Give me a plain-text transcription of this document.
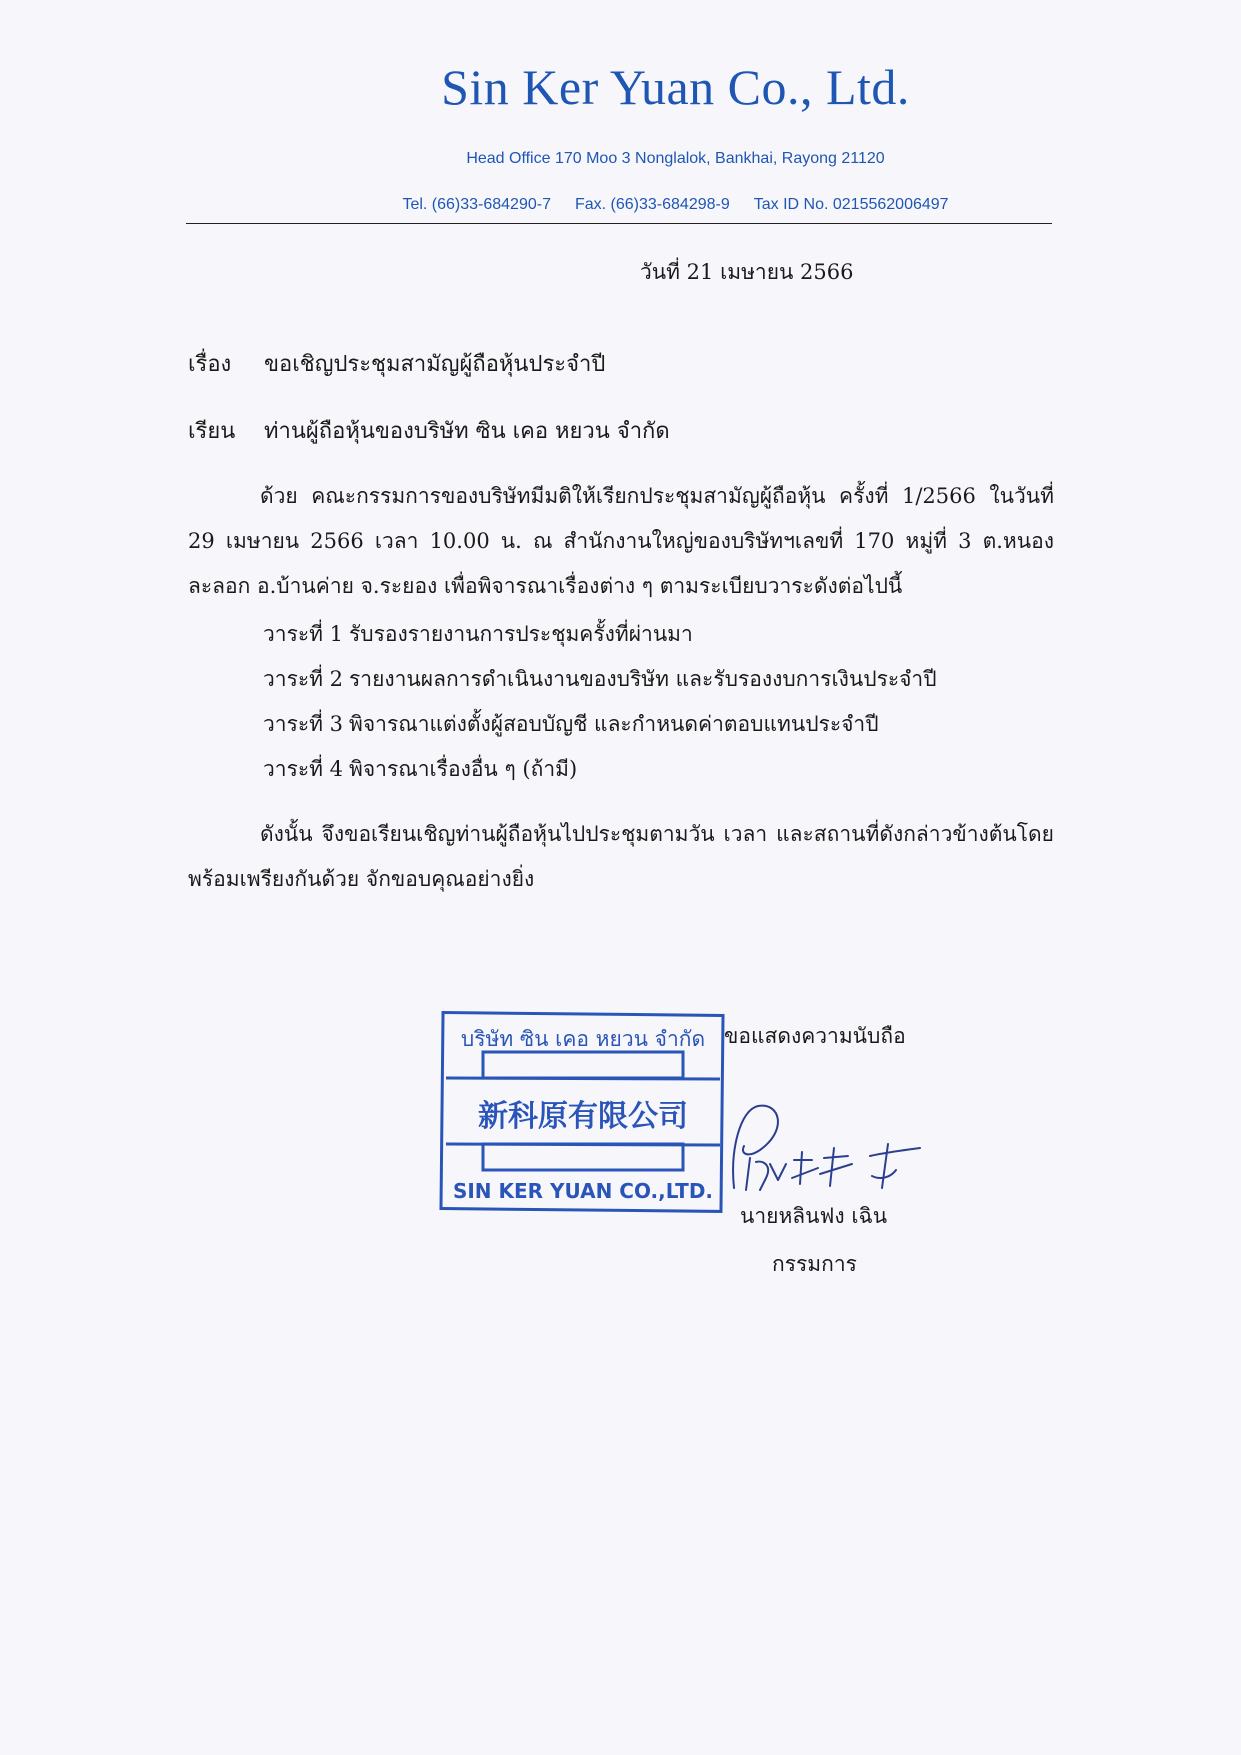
Sin Ker Yuan Co., Ltd.
Head Office 170 Moo 3 Nonglalok, Bankhai, Rayong 21120
Tel. (66)33-684290-7 Fax. (66)33-684298-9 Tax ID No. 0215562006497
วันที่ 21 เมษายน 2566
เรื่อง ขอเชิญประชุมสามัญผู้ถือหุ้นประจำปี
เรียน ท่านผู้ถือหุ้นของบริษัท ซิน เคอ หยวน จำกัด
ด้วย คณะกรรมการของบริษัทมีมติให้เรียกประชุมสามัญผู้ถือหุ้น ครั้งที่ 1/2566 ในวันที่ 29 เมษายน 2566 เวลา 10.00 น. ณ สำนักงานใหญ่ของบริษัทฯเลขที่ 170 หมู่ที่ 3 ต.หนองละลอก อ.บ้านค่าย จ.ระยอง เพื่อพิจารณาเรื่องต่าง ๆ ตามระเบียบวาระดังต่อไปนี้
วาระที่ 1 รับรองรายงานการประชุมครั้งที่ผ่านมา
วาระที่ 2 รายงานผลการดำเนินงานของบริษัท และรับรองงบการเงินประจำปี
วาระที่ 3 พิจารณาแต่งตั้งผู้สอบบัญชี และกำหนดค่าตอบแทนประจำปี
วาระที่ 4 พิจารณาเรื่องอื่น ๆ (ถ้ามี)
ดังนั้น จึงขอเรียนเชิญท่านผู้ถือหุ้นไปประชุมตามวัน เวลา และสถานที่ดังกล่าวข้างต้นโดยพร้อมเพรียงกันด้วย จักขอบคุณอย่างยิ่ง
บริษัท ซิน เคอ หยวน จำกัด
新科原有限公司
SIN KER YUAN CO.,LTD.
ขอแสดงความนับถือ
นายหลินฟง เฉิน
กรรมการ
